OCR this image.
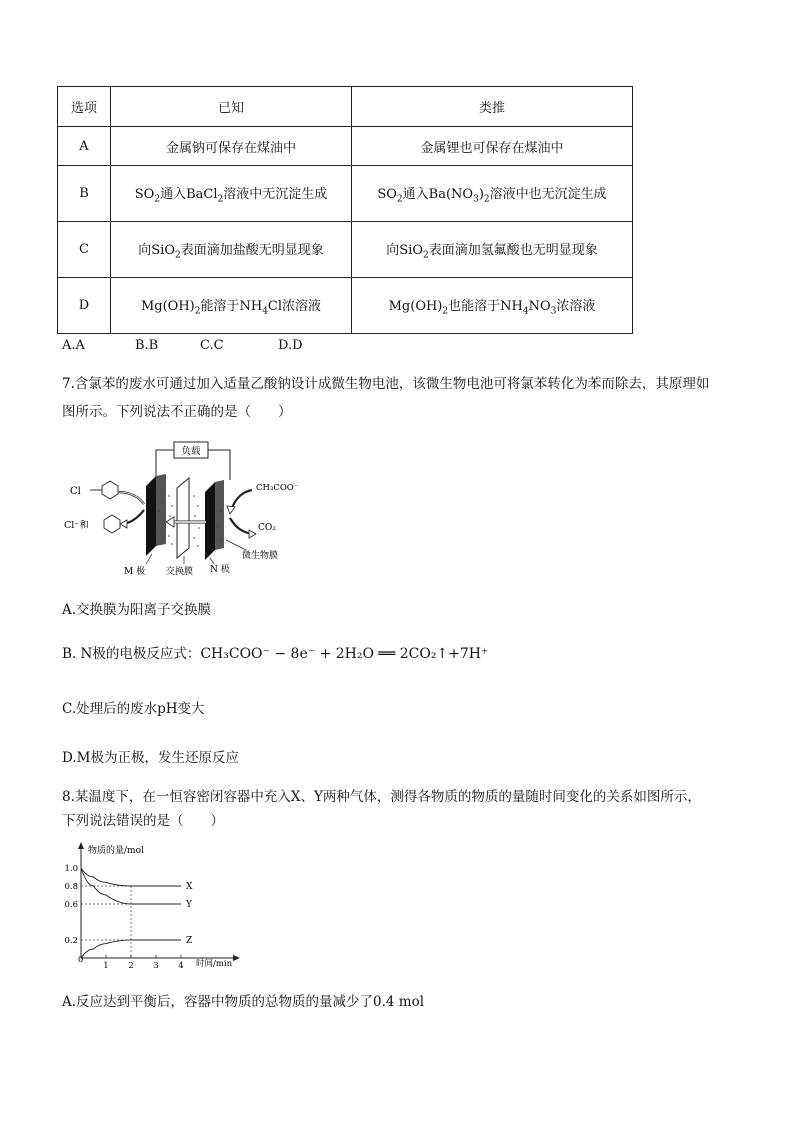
选项	已知	类推
A	金属钠可保存在煤油中	金属锂也可保存在煤油中
B	$SO_2$通入BaCl$_2$溶液中无沉淀生成	$SO_2$通入$Ba(NO_3)_2$溶液中也无沉淀生成
C	向SiO$_2$表面滴加盐酸无明显现象	向SiO$_2$表面滴加氢氟酸也无明显现象
D	$Mg(OH)_2$能溶于$NH_4Cl$浓溶液	$Mg(OH)_2$也能溶于$NH_4NO_3$浓溶液
A.A	B.B	C.C	D.D
7.含氯苯的废水可通过加入适量乙酸钠设计成微生物电池，该微生物电池可将氯苯转化为苯而除去，其原理如
图所示。下列说法不正确的是（　　）
负载
Cl
Cl⁻和
CH₃COO⁻
CO₂
微生物膜
M 极 交换膜 N 极
A.交换膜为阳离子交换膜
B. N极的电极反应式：CH₃COO⁻ − 8e⁻ + 2H₂O ══ 2CO₂↑+7H⁺
C.处理后的废水pH变大
D.M极为正极，发生还原反应
8.某温度下，在一恒容密闭容器中充入X、Y两种气体，测得各物质的物质的量随时间变化的关系如图所示，
下列说法错误的是（　　）
物质的量/mol
时间/min
0
1 2 3 4
0.2
0.6
0.8
1.0
X
Y
Z
A.反应达到平衡后，容器中物质的总物质的量减少了0.4 mol
